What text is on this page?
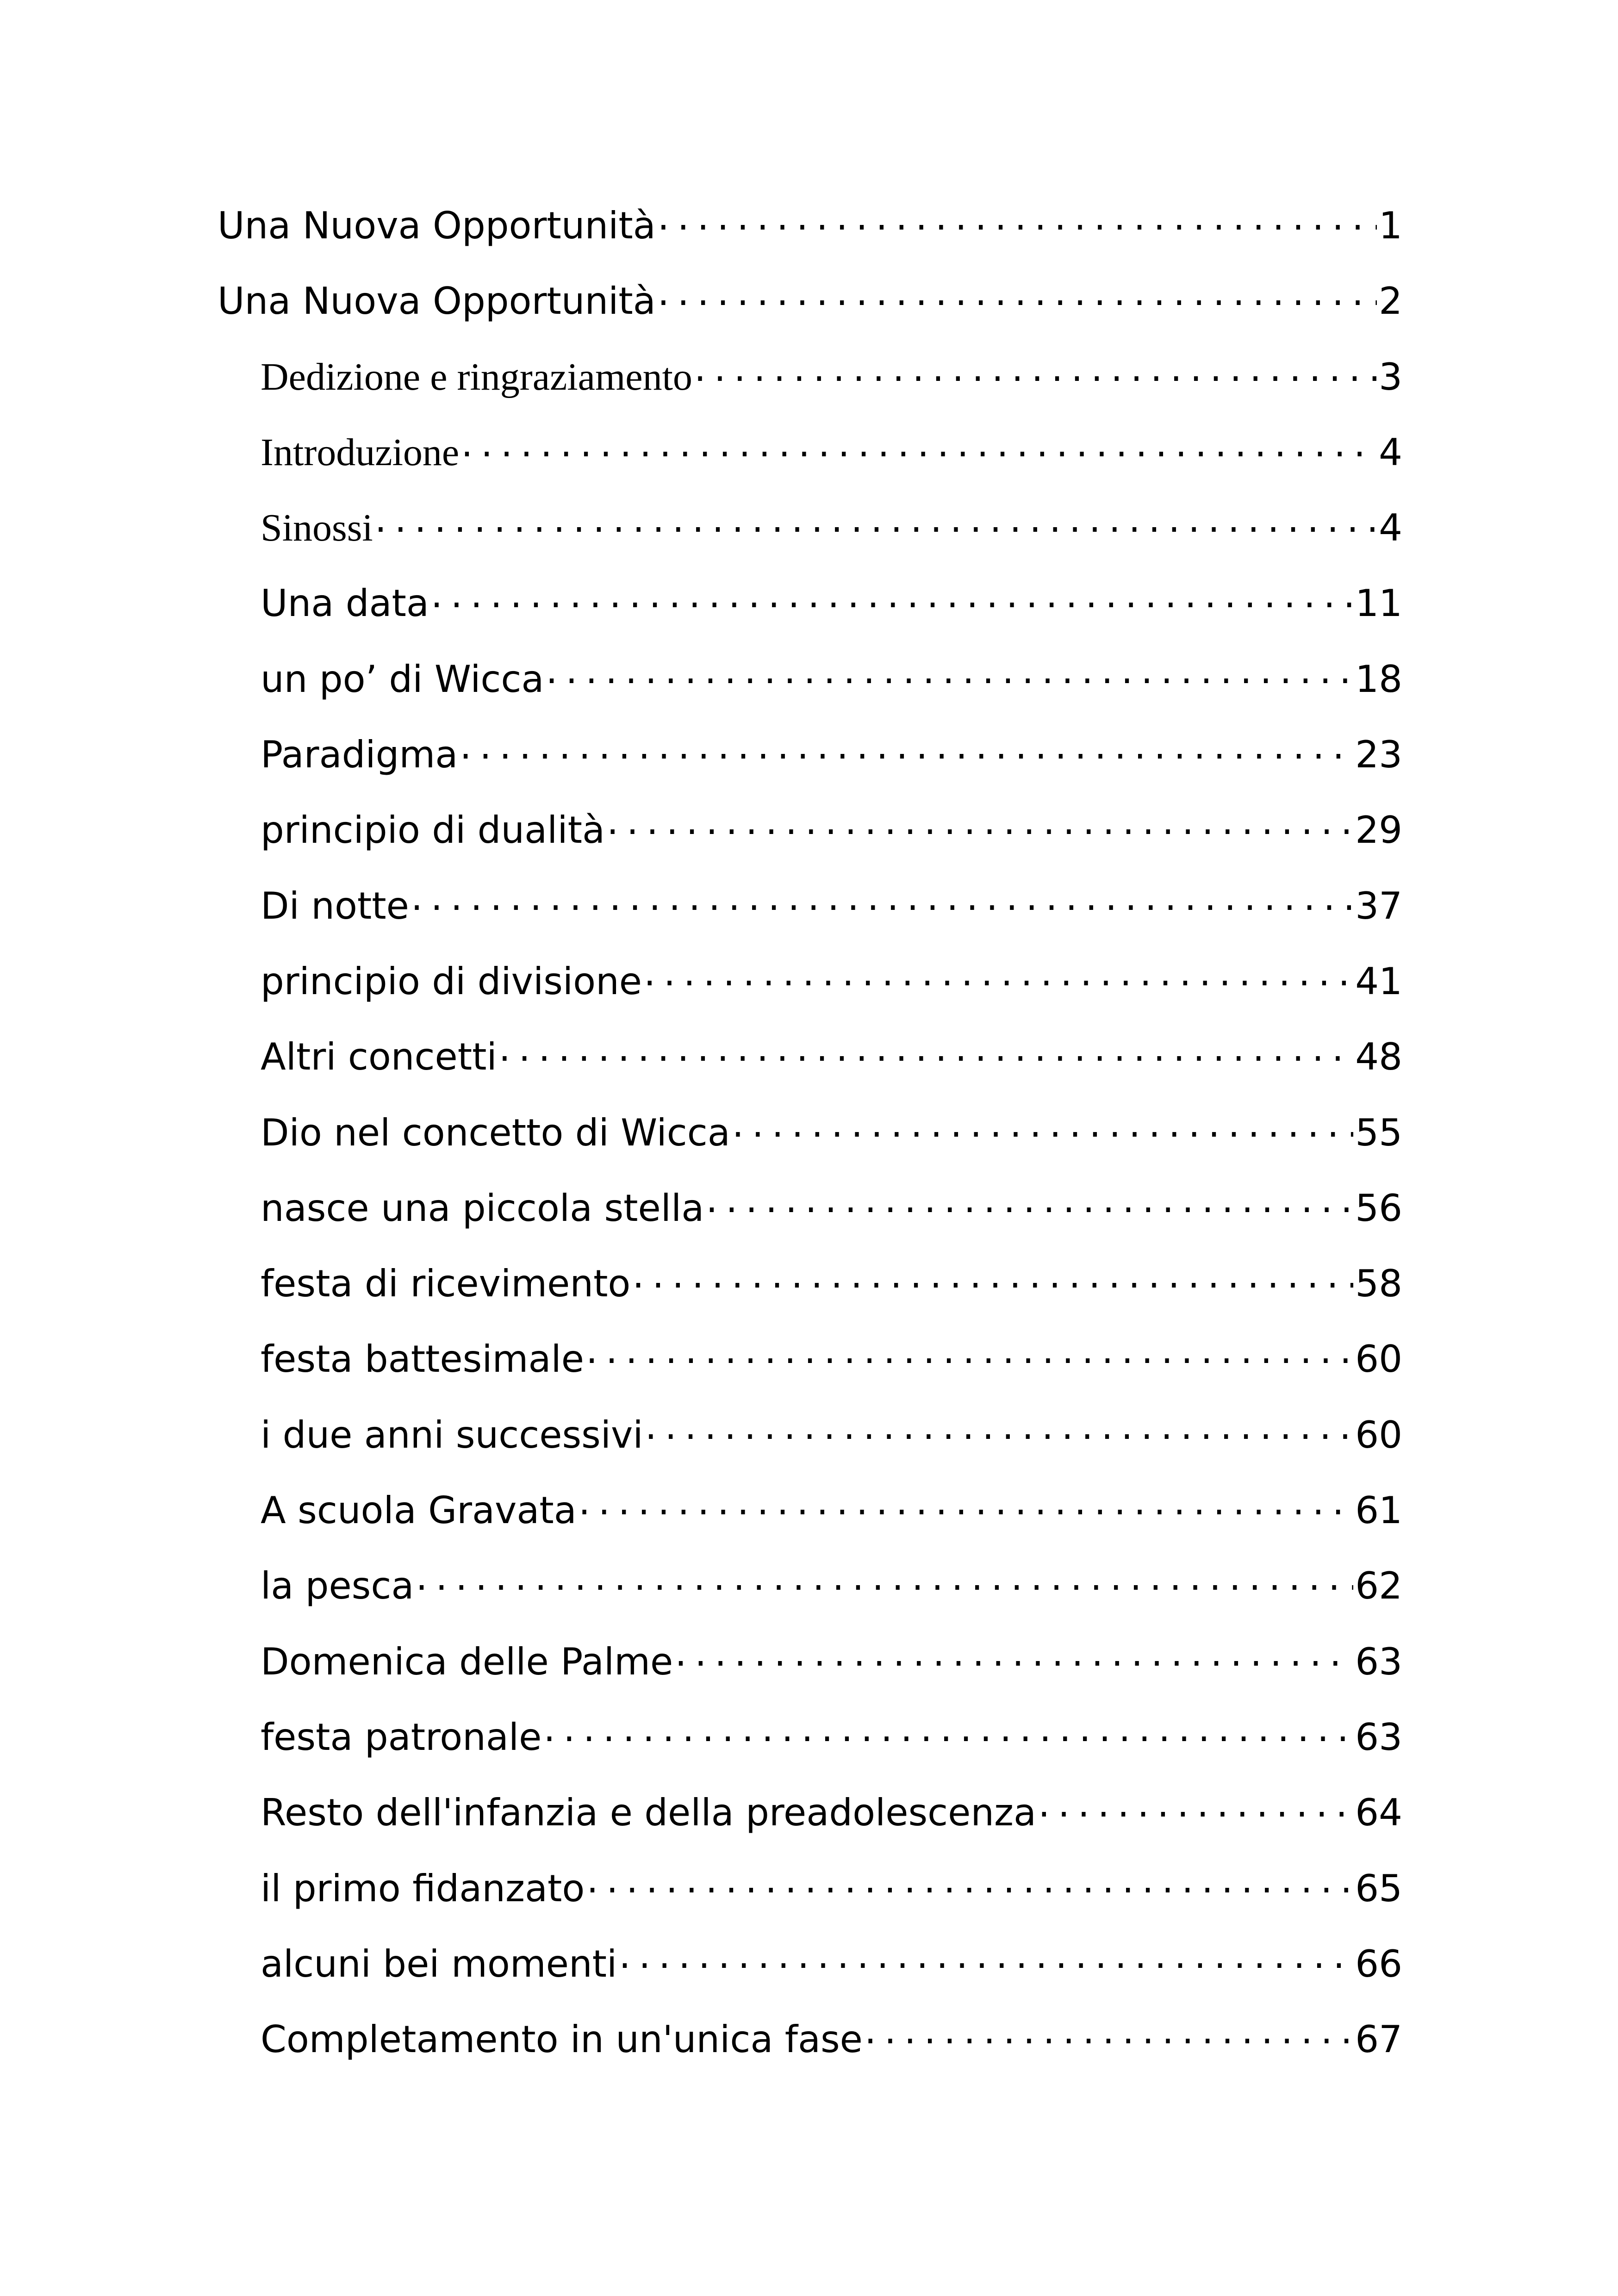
Una Nuova Opportunità . . .	1
Una Nuova Opportunità . . .	2
Dedizione e ringraziamento . . .	3
Introduzione . . .	4
Sinossi . . .	4
Una data . . .	11
un po’ di Wicca . . .	18
Paradigma . . .	23
principio di dualità . . .	29
Di notte . . .	37
principio di divisione . . .	41
Altri concetti . . .	48
Dio nel concetto di Wicca . . .	55
nasce una piccola stella . . .	56
festa di ricevimento . . .	58
festa battesimale . . .	60
i due anni successivi . . .	60
A scuola Gravata . . .	61
la pesca . . .	62
Domenica delle Palme . . .	63
festa patronale . . .	63
Resto dell'infanzia e della preadolescenza . . .	64
il primo fidanzato . . .	65
alcuni bei momenti . . .	66
Completamento in un'unica fase . . .	67
